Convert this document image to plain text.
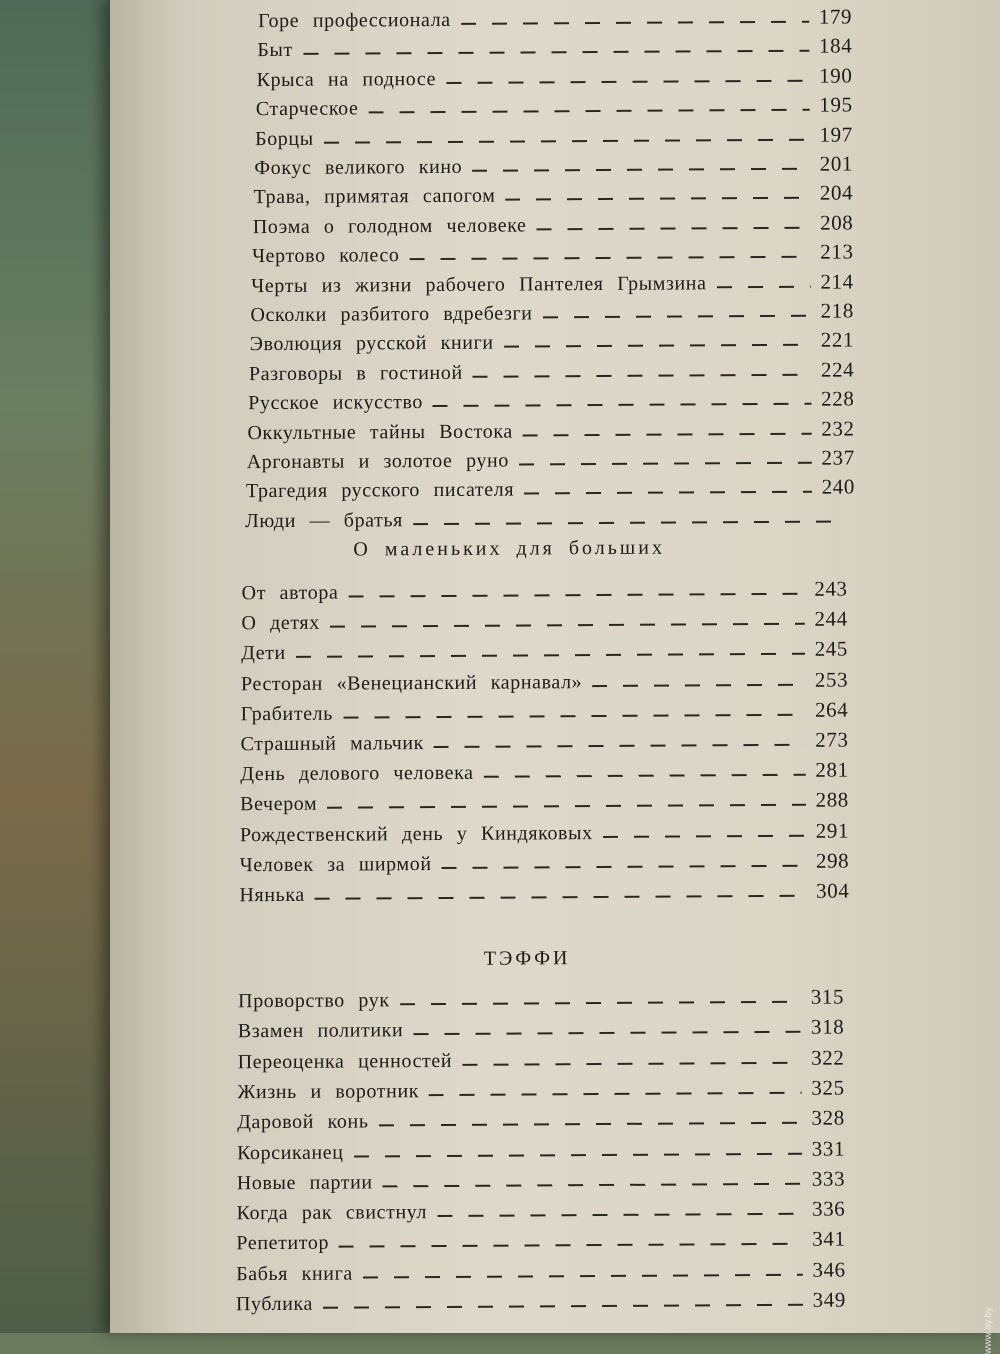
Горе профессионала	179
Быт	184
Крыса на подносе	190
Старческое	195
Борцы	197
Фокус великого кино	201
Трава, примятая сапогом	204
Поэма о голодном человеке	208
Чертово колесо	213
Черты из жизни рабочего Пантелея Грымзина	214
Осколки разбитого вдребезги	218
Эволюция русской книги	221
Разговоры в гостиной	224
Русское искусство	228
Оккультные тайны Востока	232
Аргонавты и золотое руно	237
Трагедия русского писателя	240
Люди — братья
О маленьких для больших
От автора	243
О детях	244
Дети	245
Ресторан «Венецианский карнавал»	253
Грабитель	264
Страшный мальчик	273
День делового человека	281
Вечером	288
Рождественский день у Киндяковых	291
Человек за ширмой	298
Нянька	304
ТЭФФИ
Проворство рук	315
Взамен политики	318
Переоценка ценностей	322
Жизнь и воротник	325
Даровой конь	328
Корсиканец	331
Новые партии	333
Когда рак свистнул	336
Репетитор	341
Бабья книга	346
Публика	349
www.ay.by
